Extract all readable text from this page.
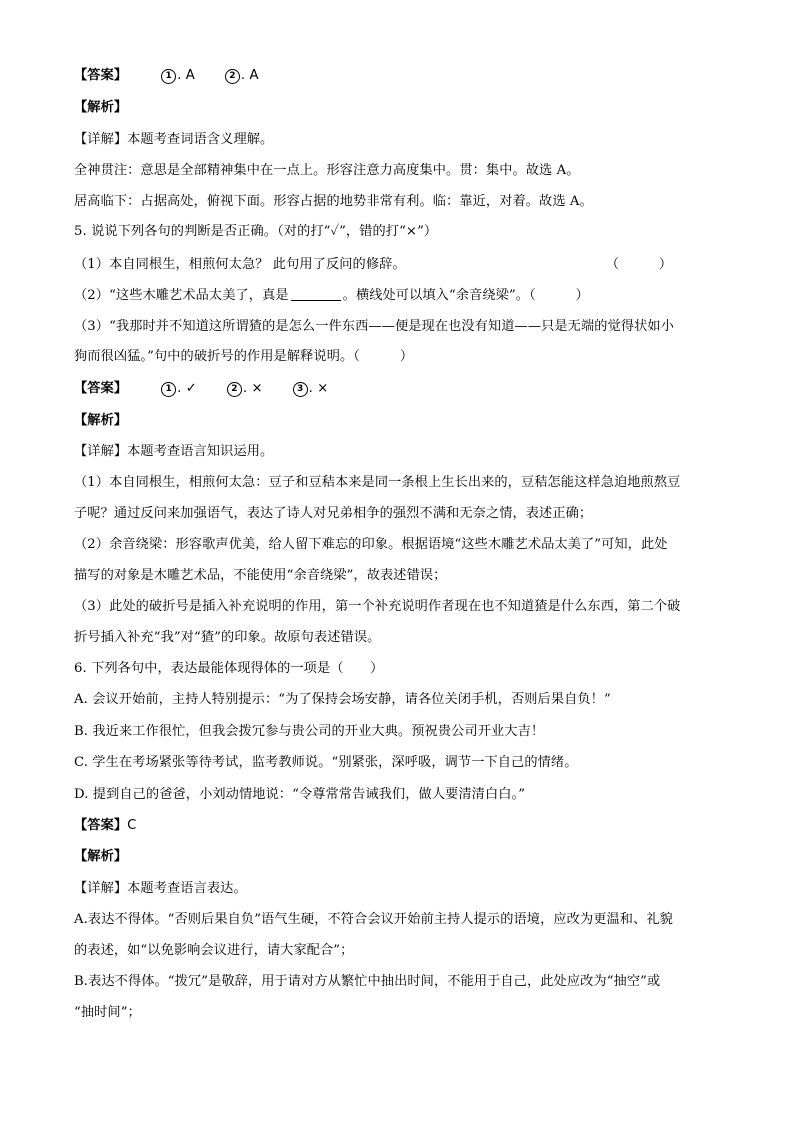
【答案】	1 . A	2 . A
【解析】
【详解】本题考查词语含义理解。
全神贯注：意思是全部精神集中在一点上。形容注意力高度集中。贯：集中。故选 A。
居高临下：占据高处，俯视下面。形容占据的地势非常有利。临：靠近，对着。故选 A。
5. 说说下列各句的判断是否正确。（对的打“✓”，错的打“×”）
（1）本自同根生，相煎何太急？ 此句用了反问的修辞。	（　　　）
（2）“这些木雕艺术品太美了，真是	。横线处可以填入“余音绕梁”。（　　　）
（3）“我那时并不知道这所谓猹的是怎么一件东西——便是现在也没有知道——只是无端的觉得状如小
狗而很凶猛。”句中的破折号的作用是解释说明。（　　　）
【答案】	1 . ✓	2 . ×	3 . ×
【解析】
【详解】本题考查语言知识运用。
（1）本自同根生，相煎何太急：豆子和豆秸本来是同一条根上生长出来的，豆秸怎能这样急迫地煎熬豆
子呢？通过反问来加强语气，表达了诗人对兄弟相争的强烈不满和无奈之情，表述正确；
（2）余音绕梁：形容歌声优美，给人留下难忘的印象。根据语境“这些木雕艺术品太美了”可知，此处
描写的对象是木雕艺术品，不能使用“余音绕梁”，故表述错误；
（3）此处的破折号是插入补充说明的作用，第一个补充说明作者现在也不知道猹是什么东西，第二个破
折号插入补充“我”对“猹”的印象。故原句表述错误。
6. 下列各句中，表达最能体现得体的一项是（　　）
A. 会议开始前，主持人特别提示：“为了保持会场安静，请各位关闭手机，否则后果自负！”
B. 我近来工作很忙，但我会拨冗参与贵公司的开业大典。预祝贵公司开业大吉！
C. 学生在考场紧张等待考试，监考教师说。“别紧张，深呼吸，调节一下自己的情绪。
D. 提到自己的爸爸，小刘动情地说：“令尊常常告诫我们，做人要清清白白。”
【答案】C
【解析】
【详解】本题考查语言表达。
A.表达不得体。“否则后果自负”语气生硬，不符合会议开始前主持人提示的语境，应改为更温和、礼貌
的表述，如“以免影响会议进行，请大家配合”；
B.表达不得体。“拨冗”是敬辞，用于请对方从繁忙中抽出时间，不能用于自己，此处应改为“抽空”或
“抽时间”；
